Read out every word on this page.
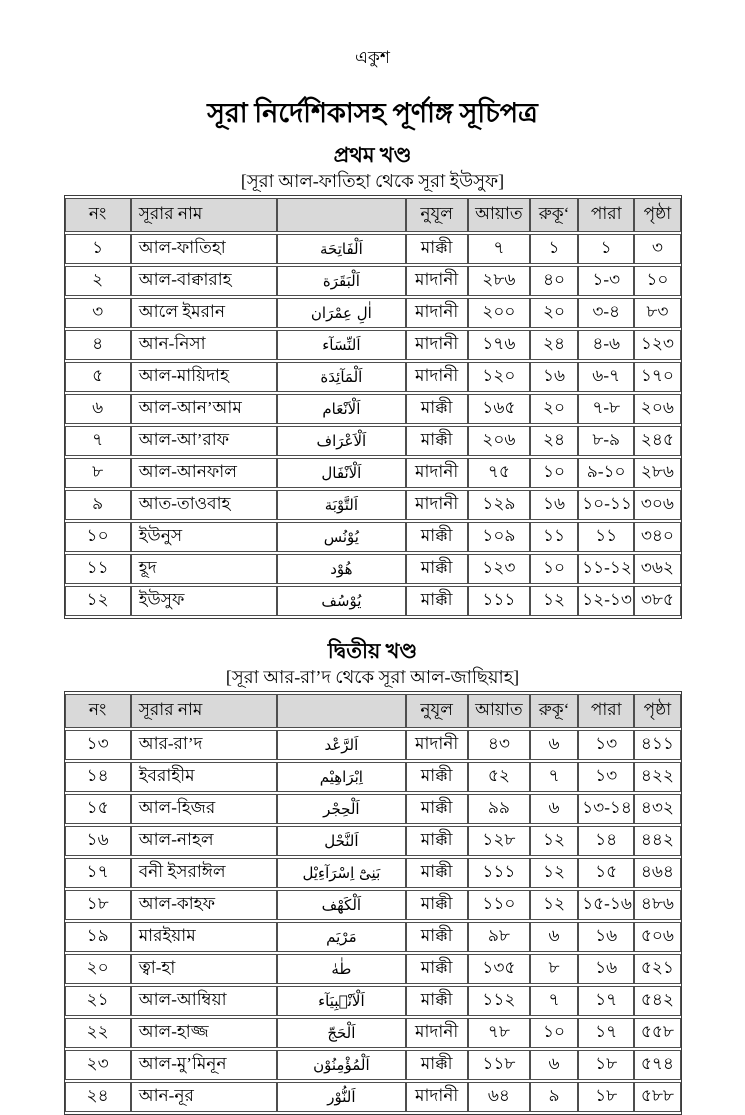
একুশ
সূরা নির্দেশিকাসহ পূর্ণাঙ্গ সূচিপত্র
প্রথম খণ্ড
[সূরা আল-ফাতিহা থেকে সূরা ইউসুফ]
নং	সূরার নাম		নুযূল	আয়াত	রুকূ‘	পারা	পৃষ্ঠা
১	আল-ফাতিহা	اَلْفَاتِحَة	মাক্কী	৭	১	১	৩
২	আল-বাক্বারাহ	اَلْبَقَرَة	মাদানী	২৮৬	৪০	১-৩	১০
৩	আলে ইমরান	اٰلِ عِمْرَان	মাদানী	২০০	২০	৩-৪	৮৩
৪	আন-নিসা	اَلنِّسَآء	মাদানী	১৭৬	২৪	৪-৬	১২৩
৫	আল-মায়িদাহ	اَلْمَآئِدَة	মাদানী	১২০	১৬	৬-৭	১৭০
৬	আল-আন’আম	اَلْاَنْعَام	মাক্কী	১৬৫	২০	৭-৮	২০৬
৭	আল-আ’রাফ	اَلْاَعْرَاف	মাক্কী	২০৬	২৪	৮-৯	২৪৫
৮	আল-আনফাল	اَلْاَنْفَال	মাদানী	৭৫	১০	৯-১০	২৮৬
৯	আত-তাওবাহ	اَلتَّوْبَة	মাদানী	১২৯	১৬	১০-১১	৩০৬
১০	ইউনুস	يُوْنُس	মাক্কী	১০৯	১১	১১	৩৪০
১১	হূদ	هُوْد	মাক্কী	১২৩	১০	১১-১২	৩৬২
১২	ইউসুফ	يُوْسُف	মাক্কী	১১১	১২	১২-১৩	৩৮৫
দ্বিতীয় খণ্ড
[সূরা আর-রা’দ থেকে সূরা আল-জাছিয়াহ]
নং	সূরার নাম		নুযূল	আয়াত	রুকূ‘	পারা	পৃষ্ঠা
১৩	আর-রা’দ	اَلرَّعْد	মাদানী	৪৩	৬	১৩	৪১১
১৪	ইবরাহীম	اِبْرَاهِيْم	মাক্কী	৫২	৭	১৩	৪২২
১৫	আল-হিজর	اَلْحِجْر	মাক্কী	৯৯	৬	১৩-১৪	৪৩২
১৬	আল-নাহল	اَلنَّحْل	মাক্কী	১২৮	১২	১৪	৪৪২
১৭	বনী ইসরাঈল	بَنِىْٓ اِسْرَآءِيْل	মাক্কী	১১১	১২	১৫	৪৬৪
১৮	আল-কাহফ	اَلْكَهْف	মাক্কী	১১০	১২	১৫-১৬	৪৮৬
১৯	মারইয়াম	مَرْيَم	মাক্কী	৯৮	৬	১৬	৫০৬
২০	ত্বা-হা	طٰهٰ	মাক্কী	১৩৫	৮	১৬	৫২১
২১	আল-আম্বিয়া	اَلْاَنْۢبِيَآء	মাক্কী	১১২	৭	১৭	৫৪২
২২	আল-হাজ্জ	اَلْحَجّ	মাদানী	৭৮	১০	১৭	৫৫৮
২৩	আল-মু’মিনূন	اَلْمُؤْمِنُوْن	মাক্কী	১১৮	৬	১৮	৫৭৪
২৪	আন-নূর	اَلنُّوْر	মাদানী	৬৪	৯	১৮	৫৮৮
